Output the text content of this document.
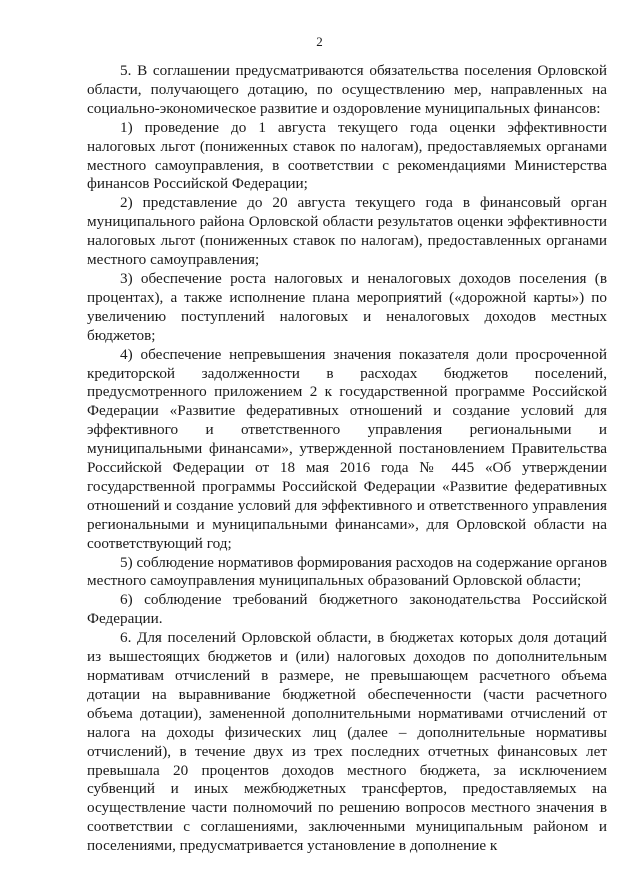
2

5. В соглашении предусматриваются обязательства поселения Орловской области, получающего дотацию, по осуществлению мер, направленных на социально-экономическое развитие и оздоровление муниципальных финансов:

1) проведение до 1 августа текущего года оценки эффективности налоговых льгот (пониженных ставок по налогам), предоставляемых органами местного самоуправления, в соответствии с рекомендациями Министерства финансов Российской Федерации;

2) представление до 20 августа текущего года в финансовый орган муниципального района Орловской области результатов оценки эффективности налоговых льгот (пониженных ставок по налогам), предоставленных органами местного самоуправления;

3) обеспечение роста налоговых и неналоговых доходов поселения (в процентах), а также исполнение плана мероприятий («дорожной карты») по увеличению поступлений налоговых и неналоговых доходов местных бюджетов;

4) обеспечение непревышения значения показателя доли просроченной кредиторской задолженности в расходах бюджетов поселений, предусмотренного приложением 2 к государственной программе Российской Федерации «Развитие федеративных отношений и создание условий для эффективного и ответственного управления региональными и муниципальными финансами», утвержденной постановлением Правительства Российской Федерации от 18 мая 2016 года № 445 «Об утверждении государственной программы Российской Федерации «Развитие федеративных отношений и создание условий для эффективного и ответственного управления региональными и муниципальными финансами», для Орловской области на соответствующий год;

5) соблюдение нормативов формирования расходов на содержание органов местного самоуправления муниципальных образований Орловской области;

6) соблюдение требований бюджетного законодательства Российской Федерации.

6. Для поселений Орловской области, в бюджетах которых доля дотаций из вышестоящих бюджетов и (или) налоговых доходов по дополнительным нормативам отчислений в размере, не превышающем расчетного объема дотации на выравнивание бюджетной обеспеченности (части расчетного объема дотации), замененной дополнительными нормативами отчислений от налога на доходы физических лиц (далее – дополнительные нормативы отчислений), в течение двух из трех последних отчетных финансовых лет превышала 20 процентов доходов местного бюджета, за исключением субвенций и иных межбюджетных трансфертов, предоставляемых на осуществление части полномочий по решению вопросов местного значения в соответствии с соглашениями, заключенными муниципальным районом и поселениями, предусматривается установление в дополнение к
